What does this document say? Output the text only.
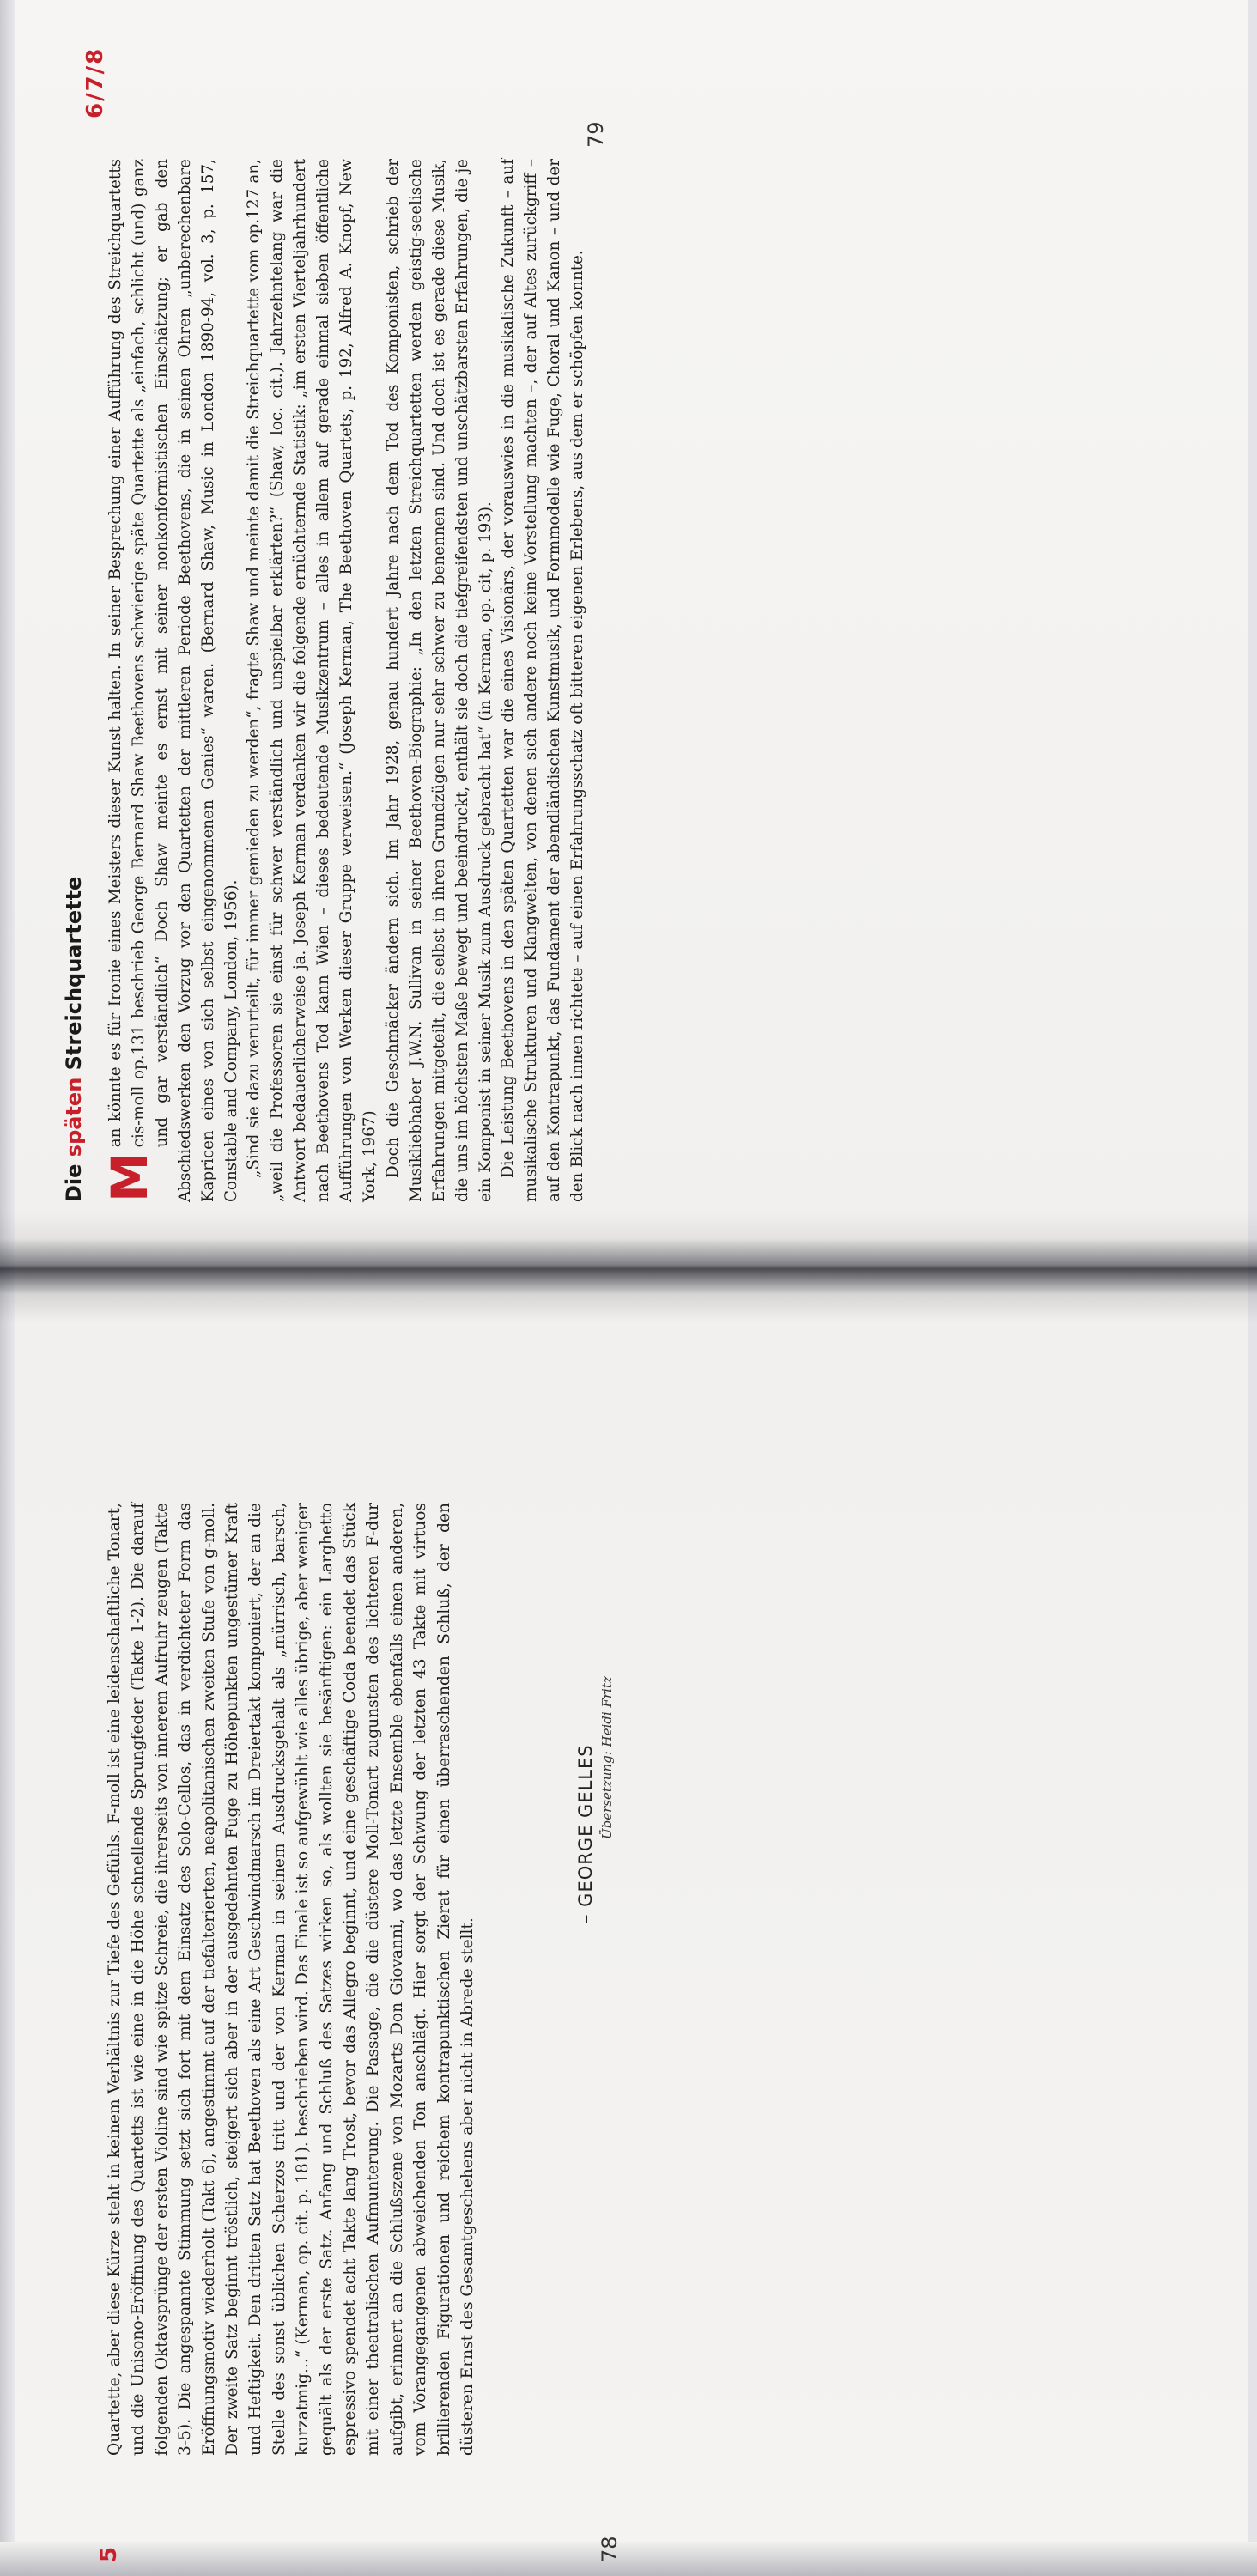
5

Quartette, aber diese Kürze steht in keinem Verhältnis zur Tiefe des Gefühls. F-moll ist eine leidenschaftliche Tonart, und die Unisono-Eröffnung des Quartetts ist wie eine in die Höhe schnellende Sprungfeder (Takte 1-2). Die darauf folgenden Oktavsprünge der ersten Violine sind wie spitze Schreie, die ihrerseits von innerem Aufruhr zeugen (Takte 3-5). Die angespannte Stimmung setzt sich fort mit dem Einsatz des Solo-Cellos, das in verdichteter Form das Eröffnungsmotiv wiederholt (Takt 6), angestimmt auf der tiefalterierten, neapolitanischen zweiten Stufe von g-moll. Der zweite Satz beginnt tröstlich, steigert sich aber in der ausgedehnten Fuge zu Höhepunkten ungestümer Kraft und Heftigkeit. Den dritten Satz hat Beethoven als eine Art Geschwindmarsch im Dreiertakt komponiert, der an die Stelle des sonst üblichen Scherzos tritt und der von Kerman in seinem Ausdrucksgehalt als „mürrisch, barsch, kurzatmig...“ (Kerman, op. cit. p. 181). beschrieben wird. Das Finale ist so aufgewühlt wie alles übrige, aber weniger gequält als der erste Satz. Anfang und Schluß des Satzes wirken so, als wollten sie besänftigen: ein Larghetto espressivo spendet acht Takte lang Trost, bevor das Allegro beginnt, und eine geschäftige Coda beendet das Stück mit einer theatralischen Aufmunterung. Die Passage, die die düstere Moll-Tonart zugunsten des lichteren F-dur aufgibt, erinnert an die Schlußszene von Mozarts Don Giovanni, wo das letzte Ensemble ebenfalls einen anderen, vom Vorangegangenen abweichenden Ton anschlägt. Hier sorgt der Schwung der letzten 43 Takte mit virtuos brillierenden Figurationen und reichem kontrapunktischen Zierat für einen überraschenden Schluß, der den düsteren Ernst des Gesamtgeschehens aber nicht in Abrede stellt.

– GEORGE GELLES Übersetzung: Heidi Fritz
78
Die späten Streichquartette
6/7/8

M
an könnte es für Ironie eines Meisters dieser Kunst halten. In seiner Besprechung einer Aufführung des Streichquartetts cis-moll op.131 beschrieb George Bernard Shaw Beethovens schwierige späte Quartette als „einfach, schlicht (und) ganz und gar verständlich“ Doch Shaw meinte es ernst mit seiner nonkonformistischen Einschätzung; er gab den Abschiedswerken den Vorzug vor den Quartetten der mittleren Periode Beethovens, die in seinen Ohren „unberechenbare Kapricen eines von sich selbst eingenommenen Genies“ waren. (Bernard Shaw, Music in London 1890-94, vol. 3, p. 157, Constable and Company, London, 1956). „Sind sie dazu verurteilt, für immer gemieden zu werden“, fragte Shaw und meinte damit die Streichquartette vom op.127 an, „weil die Professoren sie einst für schwer verständlich und unspielbar erklärten?“ (Shaw, loc. cit.). Jahrzehntelang war die Antwort bedauerlicherweise ja. Joseph Kerman verdanken wir die folgende ernüchternde Statistik: „im ersten Vierteljahrhundert nach Beethovens Tod kann Wien – dieses bedeutende Musikzentrum – alles in allem auf gerade einmal sieben öffentliche Aufführungen von Werken dieser Gruppe verweisen.“ (Joseph Kerman, The Beethoven Quartets, p. 192, Alfred A. Knopf, New York, 1967) Doch die Geschmäcker ändern sich. Im Jahr 1928, genau hundert Jahre nach dem Tod des Komponisten, schrieb der Musikliebhaber J.W.N. Sullivan in seiner Beethoven-Biographie: „In den letzten Streichquartetten werden geistig-seelische Erfahrungen mitgeteilt, die selbst in ihren Grundzügen nur sehr schwer zu benennen sind. Und doch ist es gerade diese Musik, die uns im höchsten Maße bewegt und beeindruckt, enthält sie doch die tiefgreifendsten und unschätzbarsten Erfahrungen, die je ein Komponist in seiner Musik zum Ausdruck gebracht hat“ (in Kerman, op. cit, p. 193). Die Leistung Beethovens in den späten Quartetten war die eines Visionärs, der vorauswies in die musikalische Zukunft – auf musikalische Strukturen und Klangwelten, von denen sich andere noch keine Vorstellung machten –, der auf Altes zurückgriff – auf den Kontrapunkt, das Fundament der abendländischen Kunstmusik, und Formmodelle wie Fuge, Choral und Kanon – und der den Blick nach innen richtete – auf einen Erfahrungsschatz oft bitteren eigenen Erlebens, aus dem er schöpfen konnte.

79
